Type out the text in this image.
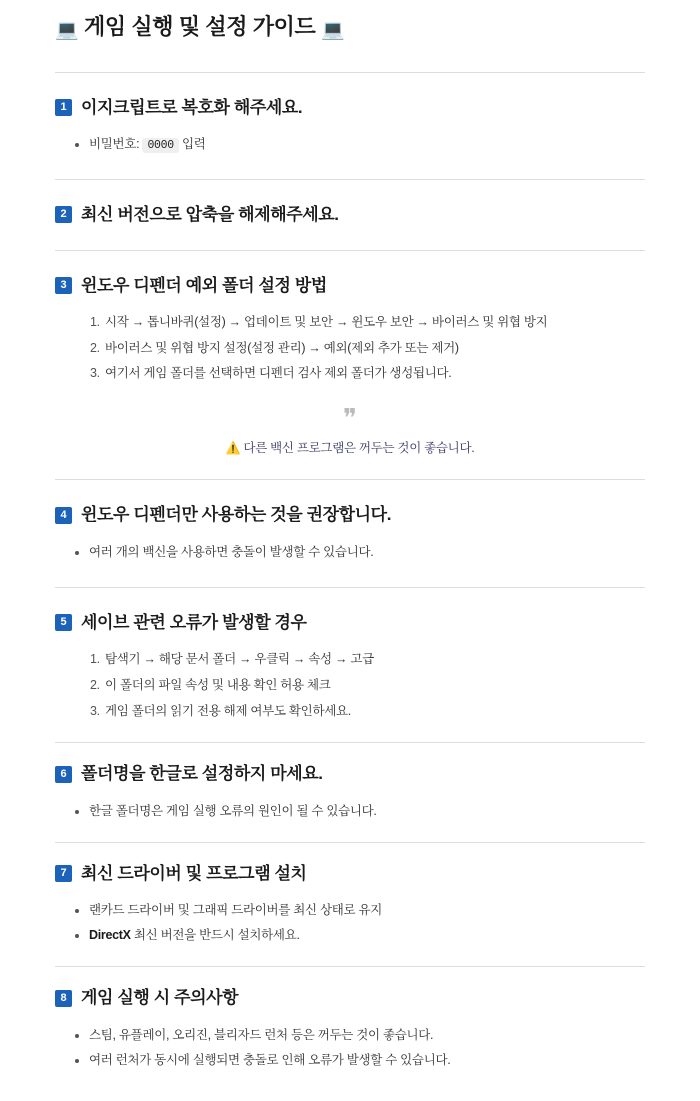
💻 게임 실행 및 설정 가이드 💻
1 이지크립트로 복호화 해주세요.
비밀번호: 0000 입력
2 최신 버전으로 압축을 해제해주세요.
3 윈도우 디펜더 예외 폴더 설정 방법
1. 시작 → 톱니바퀴(설정) → 업데이트 및 보안 → 윈도우 보안 → 바이러스 및 위협 방지
2. 바이러스 및 위협 방지 설정(설정 관리) → 예외(제외 추가 또는 제거)
3. 여기서 게임 폴더를 선택하면 디펜더 검사 제외 폴더가 생성됩니다.
❞
⚠️ 다른 백신 프로그램은 꺼두는 것이 좋습니다.
4 윈도우 디펜더만 사용하는 것을 권장합니다.
여러 개의 백신을 사용하면 충돌이 발생할 수 있습니다.
5 세이브 관련 오류가 발생할 경우
1. 탐색기 → 해당 문서 폴더 → 우클릭 → 속성 → 고급
2. 이 폴더의 파일 속성 및 내용 확인 허용 체크
3. 게임 폴더의 읽기 전용 해제 여부도 확인하세요.
6 폴더명을 한글로 설정하지 마세요.
한글 폴더명은 게임 실행 오류의 원인이 될 수 있습니다.
7 최신 드라이버 및 프로그램 설치
랜카드 드라이버 및 그래픽 드라이버를 최신 상태로 유지
DirectX 최신 버전을 반드시 설치하세요.
8 게임 실행 시 주의사항
스팀, 유플레이, 오리진, 블리자드 런처 등은 꺼두는 것이 좋습니다.
여러 런처가 동시에 실행되면 충돌로 인해 오류가 발생할 수 있습니다.
